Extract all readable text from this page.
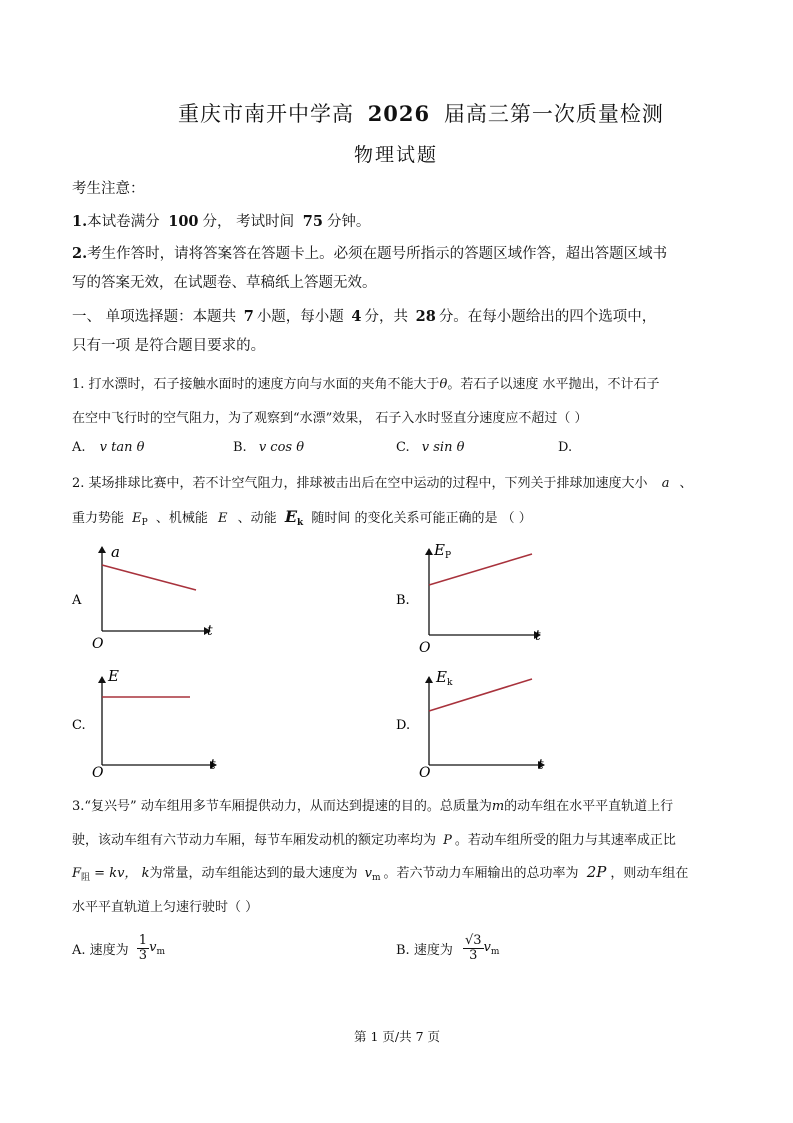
重庆市南开中学高 2026 届高三第一次质量检测
物理试题
考生注意：
1.本试卷满分 100 分， 考试时间 75 分钟。
2.考生作答时，请将答案答在答题卡上。必须在题号所指示的答题区域作答，超出答题区域书
写的答案无效，在试题卷、草稿纸上答题无效。
一、 单项选择题：本题共 7 小题，每小题 4 分，共 28 分。在每小题给出的四个选项中，
只有一项 是符合题目要求的。
1. 打水漂时，石子接触水面时的速度方向与水面的夹角不能大于θ。若石子以速度 水平抛出，不计石子
在空中飞行时的空气阻力，为了观察到“水漂”效果， 石子入水时竖直分速度应不超过（ ）
A. v tan θ	B. v cos θ	C. v sin θ	D.
2. 某场排球比赛中，若不计空气阻力，排球被击出后在空中运动的过程中，下列关于排球加速度大小 a 、
重力势能 $E_P$ 、机械能 E 、动能 $E_k$ 随时间 的变化关系可能正确的是 （ ）
a
t
O
A
$E_P$
t
O
B.
E
t
O
C.
$E_k$
t
O
D.
3.“复兴号” 动车组用多节车厢提供动力，从而达到提速的目的。总质量为m的动车组在水平平直轨道上行
驶，该动车组有六节动力车厢，每节车厢发动机的额定功率均为 P 。若动车组所受的阻力与其速率成正比
$F_阻$ = kv， k为常量，动车组能达到的最大速度为 $v_m$ 。若六节动力车厢输出的总功率为 2P ，则动车组在
水平平直轨道上匀速行驶时（ ）
A. 速度为 $\frac{1}{3} v_m$	B. 速度为 $\frac{√3}{3} v_m$
第 1 页/共 7 页
